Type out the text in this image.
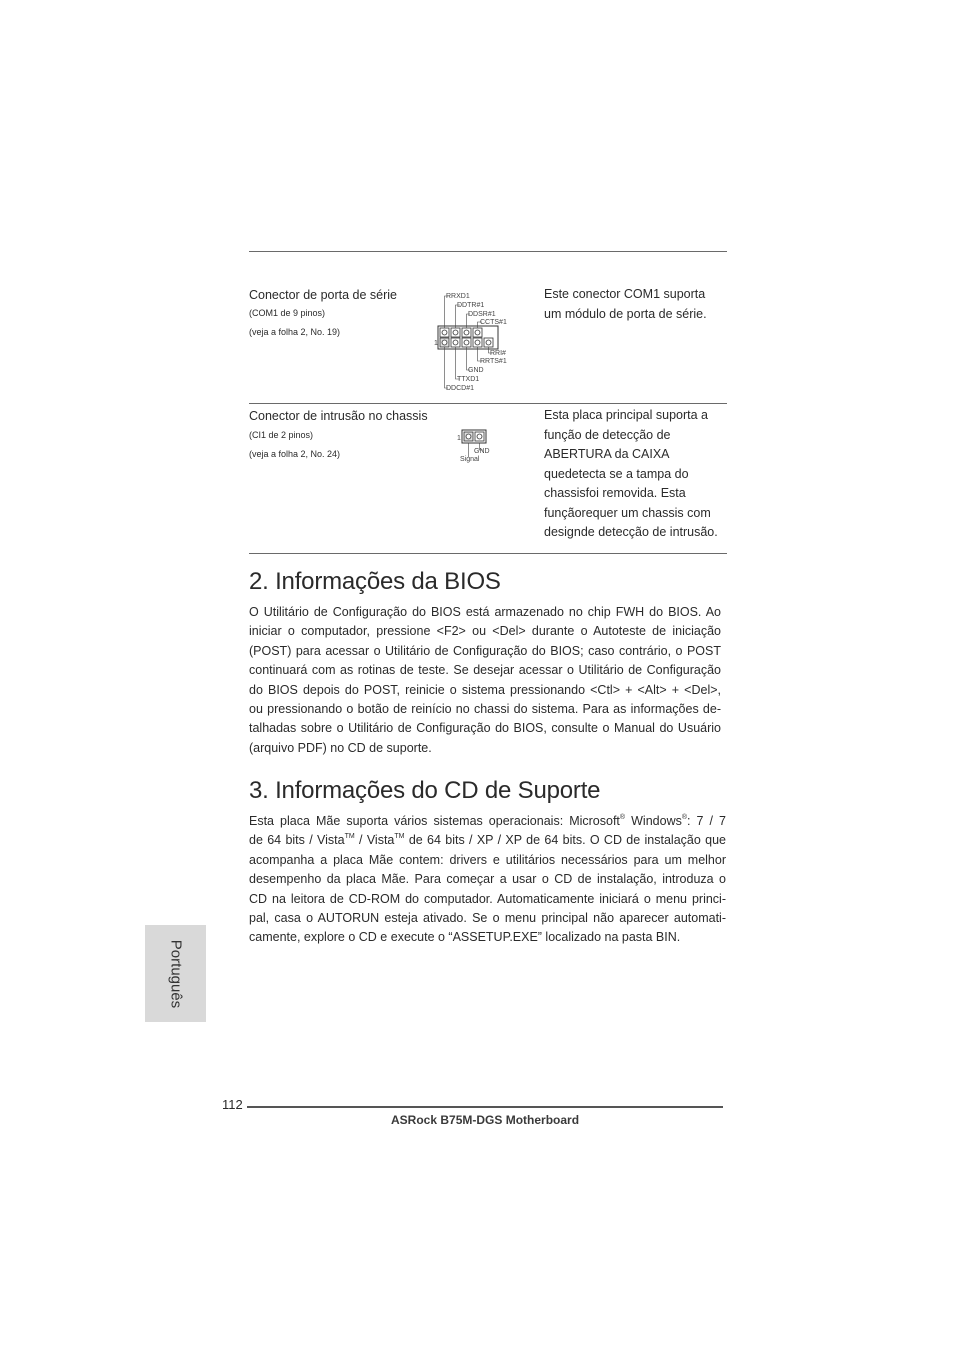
Conector de porta de série
(COM1 de 9 pinos)
(veja a folha 2, No. 19)
1
RRXD1
DDTR#1
DDSR#1
CCTS#1
RRI#
RRTS#1
GND
TTXD1
DDCD#1
Este conector COM1 suporta
um módulo de porta de série.
Conector de intrusão no chassis
(CI1 de 2 pinos)
(veja a folha 2, No. 24)
1
GND
Signal
Esta placa principal suporta a
função de detecção de
ABERTURA da CAIXA
quedetecta se a tampa do
chassisfoi removida. Esta
funçãorequer um chassis com
designde detecção de intrusão.
2. Informações da BIOS
O Utilitário de Configuração do BIOS está armazenado no chip FWH do BIOS. Ao
iniciar o computador, pressione <F2> ou <Del> durante o Autoteste de iniciação
(POST) para acessar o Utilitário de Configuração do BIOS; caso contrário, o POST
continuará com as rotinas de teste. Se desejar acessar o Utilitário de Configuração
do BIOS depois do POST, reinicie o sistema pressionando <Ctl> + <Alt> + <Del>,
ou pressionando o botão de reinício no chassi do sistema. Para as informações de-
talhadas sobre o Utilitário de Configuração do BIOS, consulte o Manual do Usuário
(arquivo PDF) no CD de suporte.
3. Informações do CD de Suporte
Esta placa Mãe suporta vários sistemas operacionais: Microsoft® Windows®: 7 / 7
de 64 bits / Vista™ / Vista™ de 64 bits / XP / XP de 64 bits. O CD de instalação que
acompanha a placa Mãe contem: drivers e utilitários necessários para um melhor
desempenho da placa Mãe. Para começar a usar o CD de instalação, introduza o
CD na leitora de CD-ROM do computador. Automaticamente iniciará o menu princi-
pal, casa o AUTORUN esteja ativado. Se o menu principal não aparecer automati-
camente, explore o CD e execute o “ASSETUP.EXE” localizado na pasta BIN.
Português
112
ASRock B75M-DGS Motherboard
